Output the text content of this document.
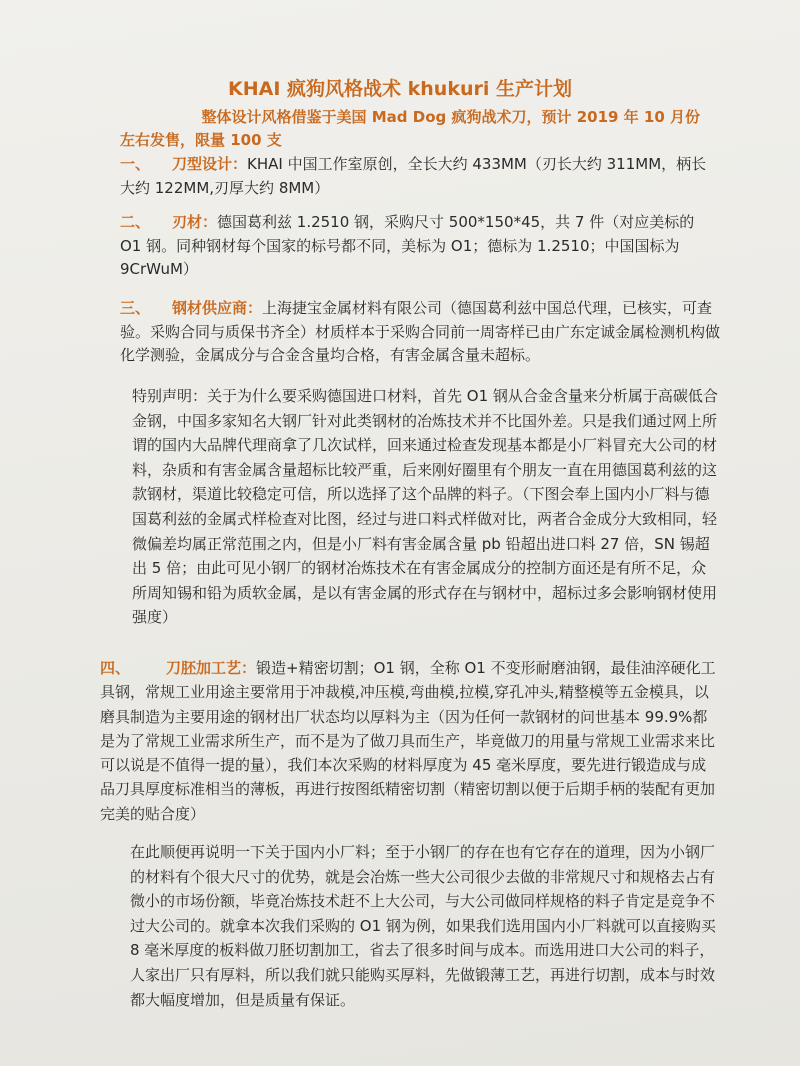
KHAI 疯狗风格战术 khukuri 生产计划
整体设计风格借鉴于美国 Mad Dog 疯狗战术刀，预计 2019 年 10 月份
左右发售，限量 100 支
一、 刀型设计：KHAI 中国工作室原创，全长大约 433MM（刃长大约 311MM，柄长大约 122MM,刃厚大约 8MM）
二、 刃材：德国葛利兹 1.2510 钢，采购尺寸 500*150*45，共 7 件（对应美标的 O1 钢。同种钢材每个国家的标号都不同，美标为 O1；德标为 1.2510；中国国标为 9CrWuM）
三、 钢材供应商：上海捷宝金属材料有限公司（德国葛利兹中国总代理，已核实，可查验。采购合同与质保书齐全）材质样本于采购合同前一周寄样已由广东定诚金属检测机构做化学测验，金属成分与合金含量均合格，有害金属含量未超标。
特别声明：关于为什么要采购德国进口材料，首先 O1 钢从合金含量来分析属于高碳低合金钢，中国多家知名大钢厂针对此类钢材的冶炼技术并不比国外差。只是我们通过网上所谓的国内大品牌代理商拿了几次试样，回来通过检查发现基本都是小厂料冒充大公司的材料，杂质和有害金属含量超标比较严重，后来刚好圈里有个朋友一直在用德国葛利兹的这款钢材，渠道比较稳定可信，所以选择了这个品牌的料子。（下图会奉上国内小厂料与德国葛利兹的金属式样检查对比图，经过与进口料式样做对比，两者合金成分大致相同，轻微偏差均属正常范围之内，但是小厂料有害金属含量 pb 铅超出进口料 27 倍，SN 锡超出 5 倍；由此可见小钢厂的钢材冶炼技术在有害金属成分的控制方面还是有所不足，众所周知锡和铅为质软金属，是以有害金属的形式存在与钢材中，超标过多会影响钢材使用强度）
四、 刀胚加工艺：锻造+精密切割；O1 钢，全称 O1 不变形耐磨油钢，最佳油淬硬化工具钢，常规工业用途主要常用于冲裁模,冲压模,弯曲模,拉模,穿孔冲头,精整模等五金模具，以磨具制造为主要用途的钢材出厂状态均以厚料为主（因为任何一款钢材的问世基本 99.9%都是为了常规工业需求所生产，而不是为了做刀具而生产，毕竟做刀的用量与常规工业需求来比可以说是不值得一提的量），我们本次采购的材料厚度为 45 毫米厚度，要先进行锻造成与成品刀具厚度标准相当的薄板，再进行按图纸精密切割（精密切割以便于后期手柄的装配有更加完美的贴合度）
在此顺便再说明一下关于国内小厂料；至于小钢厂的存在也有它存在的道理，因为小钢厂的材料有个很大尺寸的优势，就是会冶炼一些大公司很少去做的非常规尺寸和规格去占有微小的市场份额，毕竟冶炼技术赶不上大公司，与大公司做同样规格的料子肯定是竞争不过大公司的。就拿本次我们采购的 O1 钢为例，如果我们选用国内小厂料就可以直接购买 8 毫米厚度的板料做刀胚切割加工，省去了很多时间与成本。而选用进口大公司的料子，人家出厂只有厚料，所以我们就只能购买厚料，先做锻薄工艺，再进行切割，成本与时效都大幅度增加，但是质量有保证。
